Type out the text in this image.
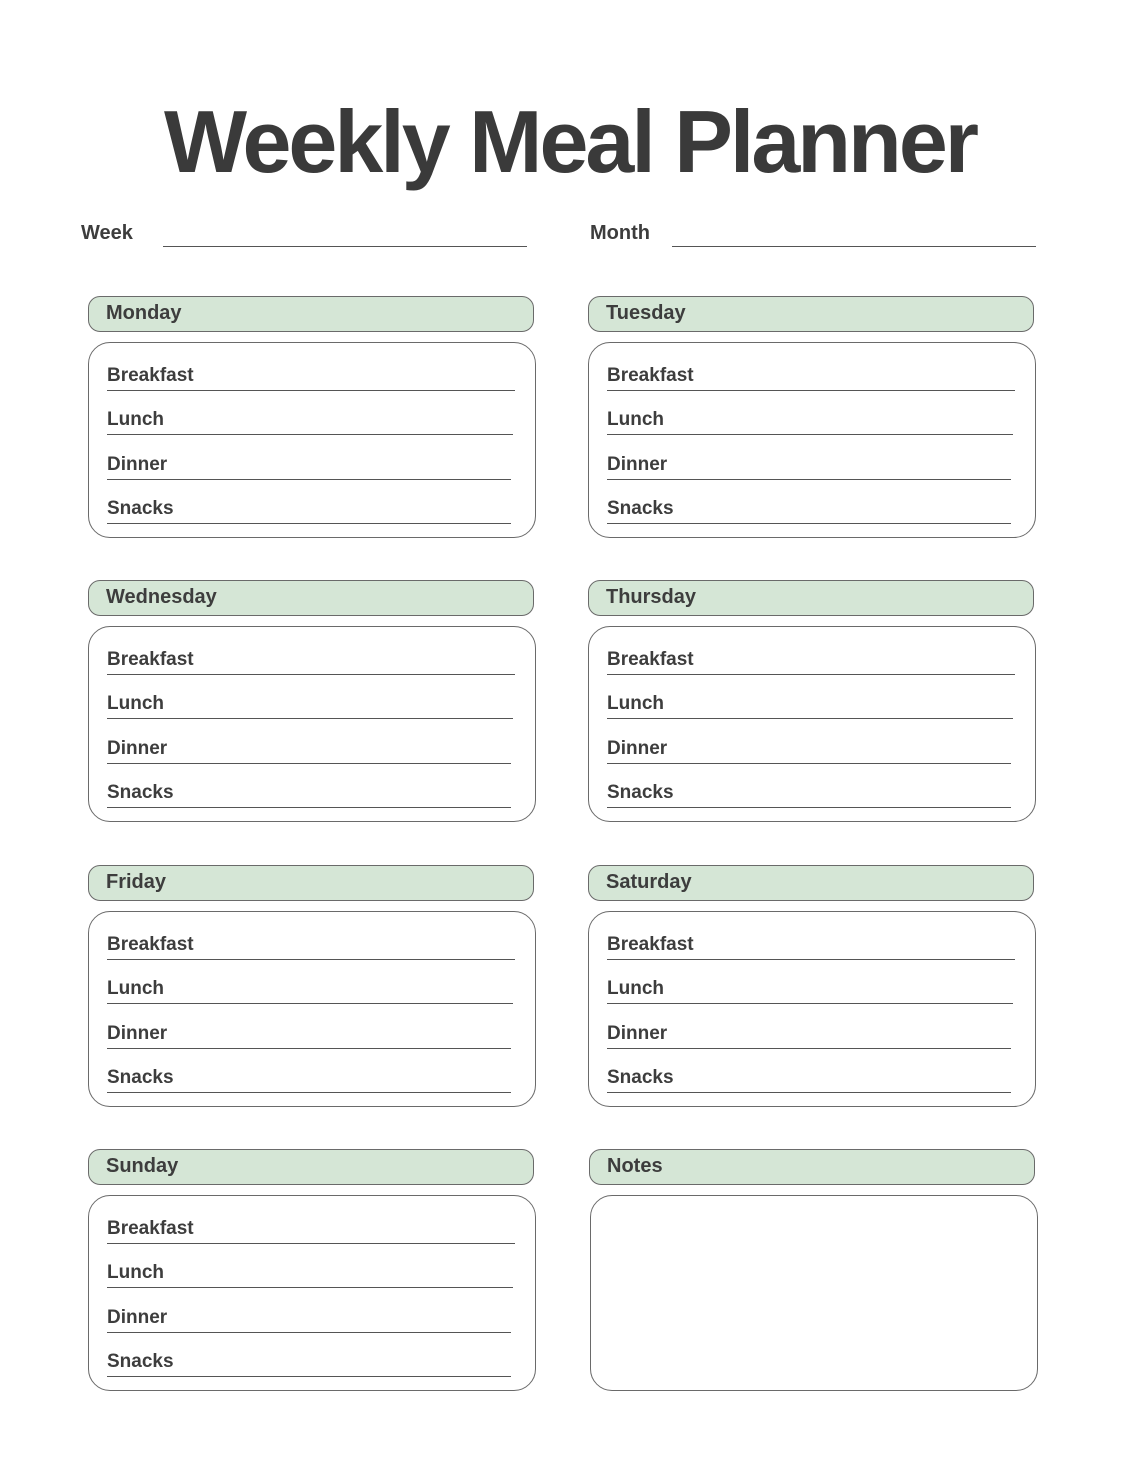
Weekly Meal Planner
Week	Month
Monday
Breakfast
Lunch
Dinner
Snacks
Tuesday
Breakfast
Lunch
Dinner
Snacks
Wednesday
Breakfast
Lunch
Dinner
Snacks
Thursday
Breakfast
Lunch
Dinner
Snacks
Friday
Breakfast
Lunch
Dinner
Snacks
Saturday
Breakfast
Lunch
Dinner
Snacks
Sunday
Breakfast
Lunch
Dinner
Snacks
Notes
